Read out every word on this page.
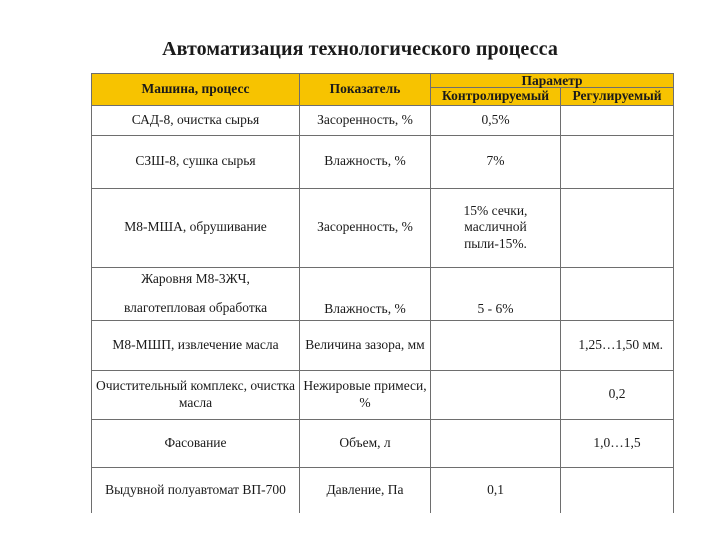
Автоматизация технологического процесса
Машина, процесс	Показатель	Параметр	
		Контролируемый	Регулируемый
САД-8, очистка сырья	Засоренность, %	0,5%	
СЗШ-8, сушка сырья	Влажность, %	7%	
М8-МША, обрушивание	Засоренность, %	15% сечки, масличной пыли-15%.	

Жаровня М8-3ЖЧ,
влаготепловая обработка	Влажность, %	5 - 6%	
М8-МШП, извлечение масла	Величина зазора, мм		1,25…1,50 мм.
Очистительный комплекс, очистка масла	Нежировые примеси, %		0,2
Фасование	Объем, л		1,0…1,5
Выдувной полуавтомат ВП-700	Давление, Па	0,1	
